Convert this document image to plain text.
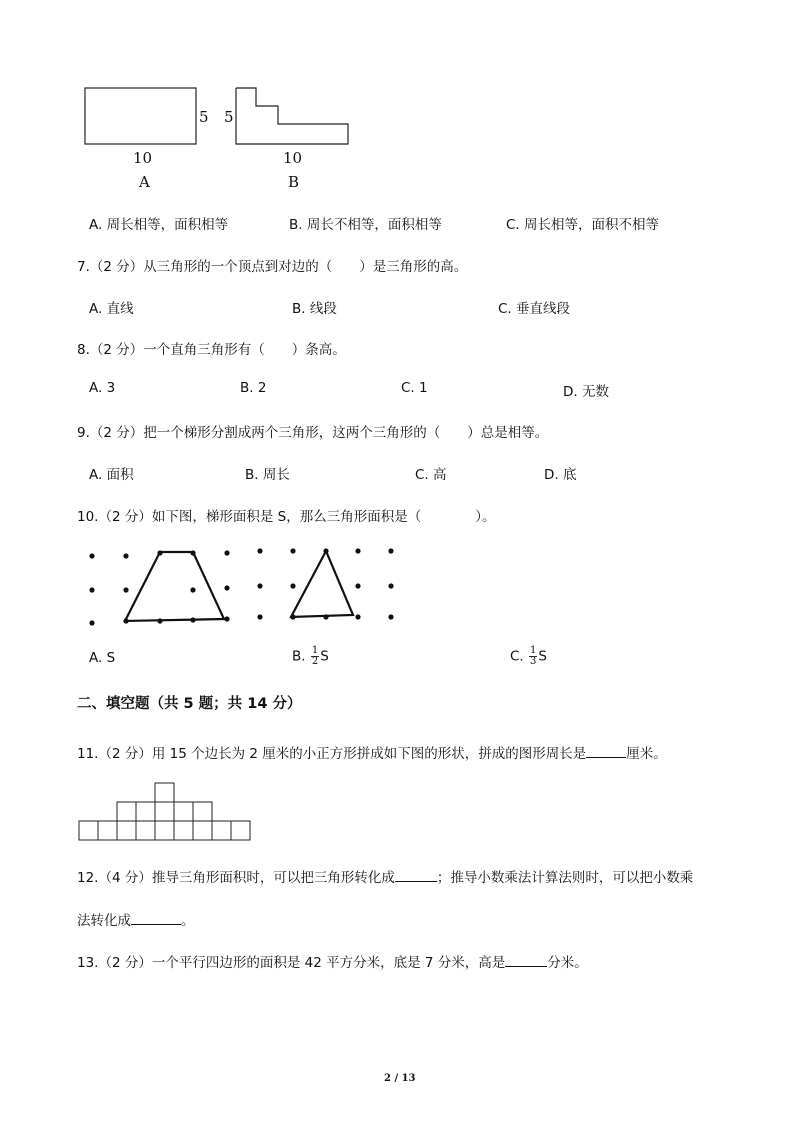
5 5
10	10
A	B
A. 周长相等，面积相等	B. 周长不相等，面积相等	C. 周长相等，面积不相等
7.（2 分）从三角形的一个顶点到对边的（　　）是三角形的高。
A. 直线	B. 线段	C. 垂直线段
8.（2 分）一个直角三角形有（　　）条高。
A. 3	B. 2	C. 1	D. 无数
9.（2 分）把一个梯形分割成两个三角形，这两个三角形的（　　）总是相等。
A. 面积	B. 周长	C. 高	D. 底
10.（2 分）如下图，梯形面积是 S，那么三角形面积是（　　　　）。
A. S	B. $\frac{1}{2}$ S	C. $\frac{1}{3}$ S
二、填空题（共 5 题；共 14 分）
11.（2 分）用 15 个边长为 2 厘米的小正方形拼成如下图的形状，拼成的图形周长是	厘米。
12.（4 分）推导三角形面积时，可以把三角形转化成	；推导小数乘法计算法则时，可以把小数乘
法转化成	。
13.（2 分）一个平行四边形的面积是 42 平方分米，底是 7 分米，高是	分米。
2 / 13
